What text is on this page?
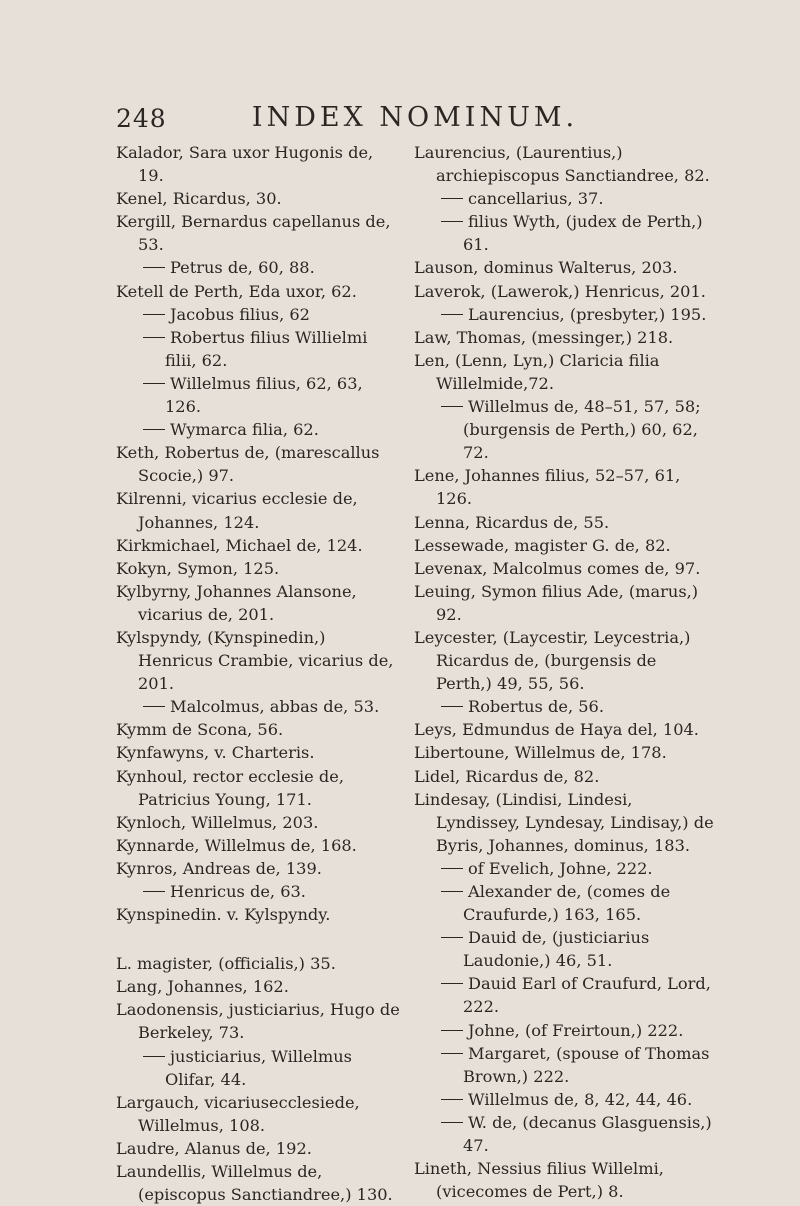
248	INDEX NOMINUM.
Kalador, Sara uxor Hugonis de, 19.
Kenel, Ricardus, 30.
Kergill, Bernardus capellanus de, 53.
Petrus de, 60, 88.
Ketell de Perth, Eda uxor, 62.
Jacobus filius, 62
Robertus filius Willielmi filii, 62.
Willelmus filius, 62, 63, 126.
Wymarca filia, 62.
Keth, Robertus de, (marescallus Scocie,) 97.
Kilrenni, vicarius ecclesie de, Johannes, 124.
Kirkmichael, Michael de, 124.
Kokyn, Symon, 125.
Kylbyrny, Johannes Alansone, vicarius de, 201.
Kylspyndy, (Kynspinedin,) Henricus Crambie, vicarius de, 201.
Malcolmus, abbas de, 53.
Kymm de Scona, 56.
Kynfawyns, v. Charteris.
Kynhoul, rector ecclesie de, Patricius Young, 171.
Kynloch, Willelmus, 203.
Kynnarde, Willelmus de, 168.
Kynros, Andreas de, 139.
Henricus de, 63.
Kynspinedin. v. Kylspyndy.
L. magister, (officialis,) 35.
Lang, Johannes, 162.
Laodonensis, justiciarius, Hugo de Berkeley, 73.
justiciarius, Willelmus Olifar, 44.
Largauch, vicariusecclesiede, Willelmus, 108.
Laudre, Alanus de, 192.
Laundellis, Willelmus de, (episcopus Sanctiandree,) 130.
Laurencius, (Laurentius,) archiepiscopus Sanctiandree, 82.
cancellarius, 37.
filius Wyth, (judex de Perth,) 61.
Lauson, dominus Walterus, 203.
Laverok, (Lawerok,) Henricus, 201.
Laurencius, (presbyter,) 195.
Law, Thomas, (messinger,) 218.
Len, (Lenn, Lyn,) Claricia filia Willelmide,72.
Willelmus de, 48–51, 57, 58; (burgensis de Perth,) 60, 62, 72.
Lene, Johannes filius, 52–57, 61, 126.
Lenna, Ricardus de, 55.
Lessewade, magister G. de, 82.
Levenax, Malcolmus comes de, 97.
Leuing, Symon filius Ade, (marus,) 92.
Leycester, (Laycestir, Leycestria,) Ricardus de, (burgensis de Perth,) 49, 55, 56.
Robertus de, 56.
Leys, Edmundus de Haya del, 104.
Libertoune, Willelmus de, 178.
Lidel, Ricardus de, 82.
Lindesay, (Lindisi, Lindesi, Lyndissey, Lyndesay, Lindisay,) de Byris, Johannes, dominus, 183.
of Evelich, Johne, 222.
Alexander de, (comes de Craufurde,) 163, 165.
Dauid de, (justiciarius Laudonie,) 46, 51.
Dauid Earl of Craufurd, Lord, 222.
Johne, (of Freirtoun,) 222.
Margaret, (spouse of Thomas Brown,) 222.
Willelmus de, 8, 42, 44, 46.
W. de, (decanus Glasguensis,) 47.
Lineth, Nessius filius Willelmi, (vicecomes de Pert,) 8.
